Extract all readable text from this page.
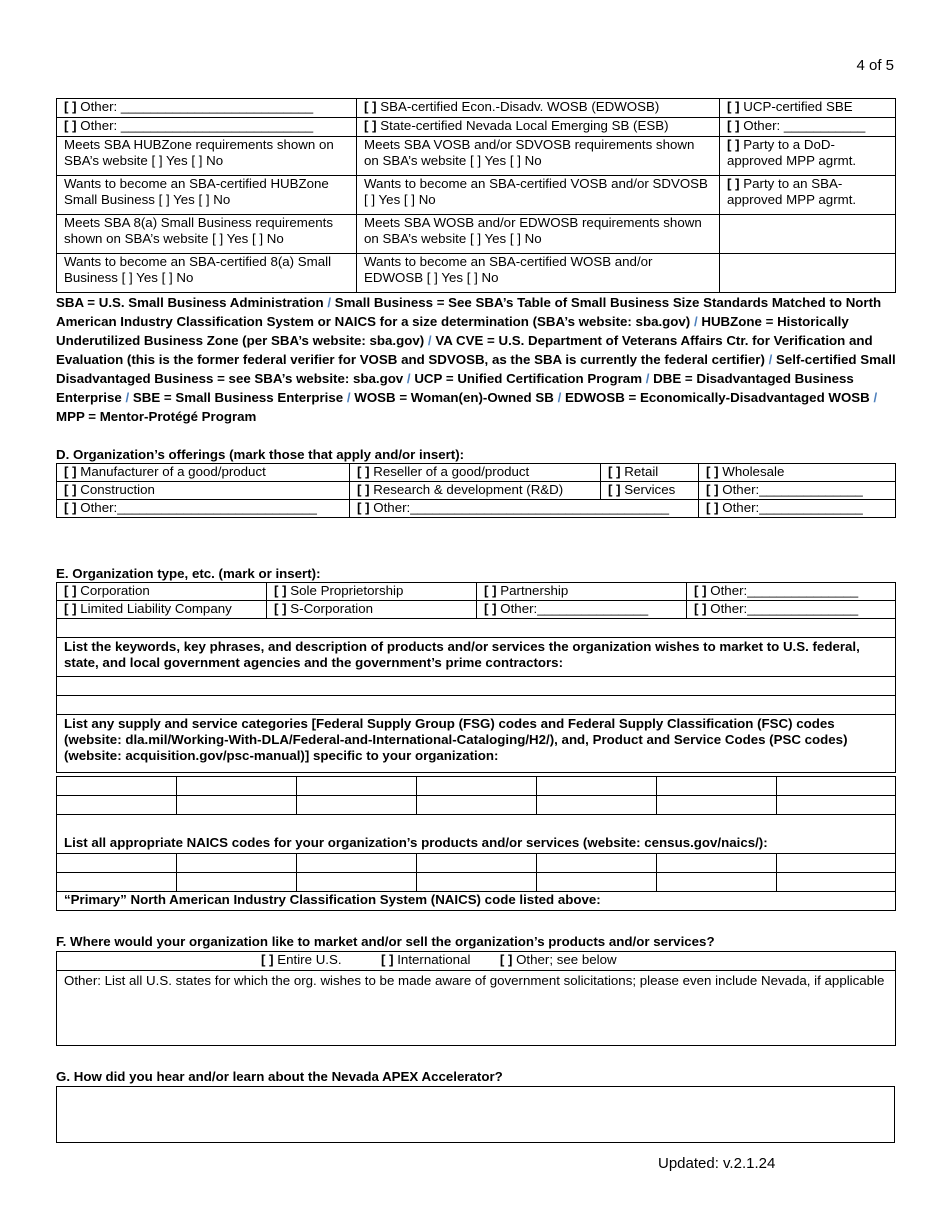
4 of 5
[ ] Other: __________________________	[ ] SBA-certified Econ.-Disadv. WOSB (EDWOSB)	[ ] UCP-certified SBE
[ ] Other: __________________________	[ ] State-certified Nevada Local Emerging SB (ESB)	[ ] Other: ___________
Meets SBA HUBZone requirements shown on SBA’s website [ ] Yes [ ] No	Meets SBA VOSB and/or SDVOSB requirements shown on SBA’s website [ ] Yes [ ] No	[ ] Party to a DoD-approved MPP agrmt.
Wants to become an SBA-certified HUBZone Small Business [ ] Yes [ ] No	Wants to become an SBA-certified VOSB and/or SDVOSB [ ] Yes [ ] No	[ ] Party to an SBA-approved MPP agrmt.
Meets SBA 8(a) Small Business requirements shown on SBA’s website [ ] Yes [ ] No	Meets SBA WOSB and/or EDWOSB requirements shown on SBA’s website [ ] Yes [ ] No	
Wants to become an SBA-certified 8(a) Small Business [ ] Yes [ ] No	Wants to become an SBA-certified WOSB and/or EDWOSB [ ] Yes [ ] No	
SBA = U.S. Small Business Administration / Small Business = See SBA’s Table of Small Business Size Standards Matched to North American Industry Classification System or NAICS for a size determination (SBA’s website: sba.gov) / HUBZone = Historically Underutilized Business Zone (per SBA’s website: sba.gov) / VA CVE = U.S. Department of Veterans Affairs Ctr. for Verification and Evaluation (this is the former federal verifier for VOSB and SDVOSB, as the SBA is currently the federal certifier) / Self-certified Small Disadvantaged Business = see SBA’s website: sba.gov / UCP = Unified Certification Program / DBE = Disadvantaged Business Enterprise / SBE = Small Business Enterprise / WOSB = Woman(en)-Owned SB / EDWOSB = Economically-Disadvantaged WOSB / MPP = Mentor-Protégé Program
D. Organization’s offerings (mark those that apply and/or insert):
[ ] Manufacturer of a good/product	[ ] Reseller of a good/product	[ ] Retail	[ ] Wholesale
[ ] Construction	[ ] Research & development (R&D)	[ ] Services	[ ] Other:______________
[ ] Other:___________________________	[ ] Other:___________________________________		[ ] Other:______________
E. Organization type, etc. (mark or insert):
[ ] Corporation	[ ] Sole Proprietorship	[ ] Partnership	[ ] Other:_______________
[ ] Limited Liability Company	[ ] S-Corporation	[ ] Other:_______________	[ ] Other:_______________

List the keywords, key phrases, and description of products and/or services the organization wishes to market to U.S. federal, state, and local government agencies and the government’s prime contractors:			

List any supply and service categories [Federal Supply Group (FSG) codes and Federal Supply Classification (FSC) codes (website: dla.mil/Working-With-DLA/Federal-and-International-Cataloging/H2/), and, Product and Service Codes (PSC codes) (website: acquisition.gov/psc-manual)] specific to your organization:			

List all appropriate NAICS codes for your organization’s products and/or services (website: census.gov/naics/):						

“Primary” North American Industry Classification System (NAICS) code listed above:						
F. Where would your organization like to market and/or sell the organization’s products and/or services?
[ ] Entire U.S.	[ ] International [ ] Other; see below
Other: List all U.S. states for which the org. wishes to be made aware of government solicitations; please even include Nevada, if applicable
G. How did you hear and/or learn about the Nevada APEX Accelerator?
Updated: v.2.1.24
